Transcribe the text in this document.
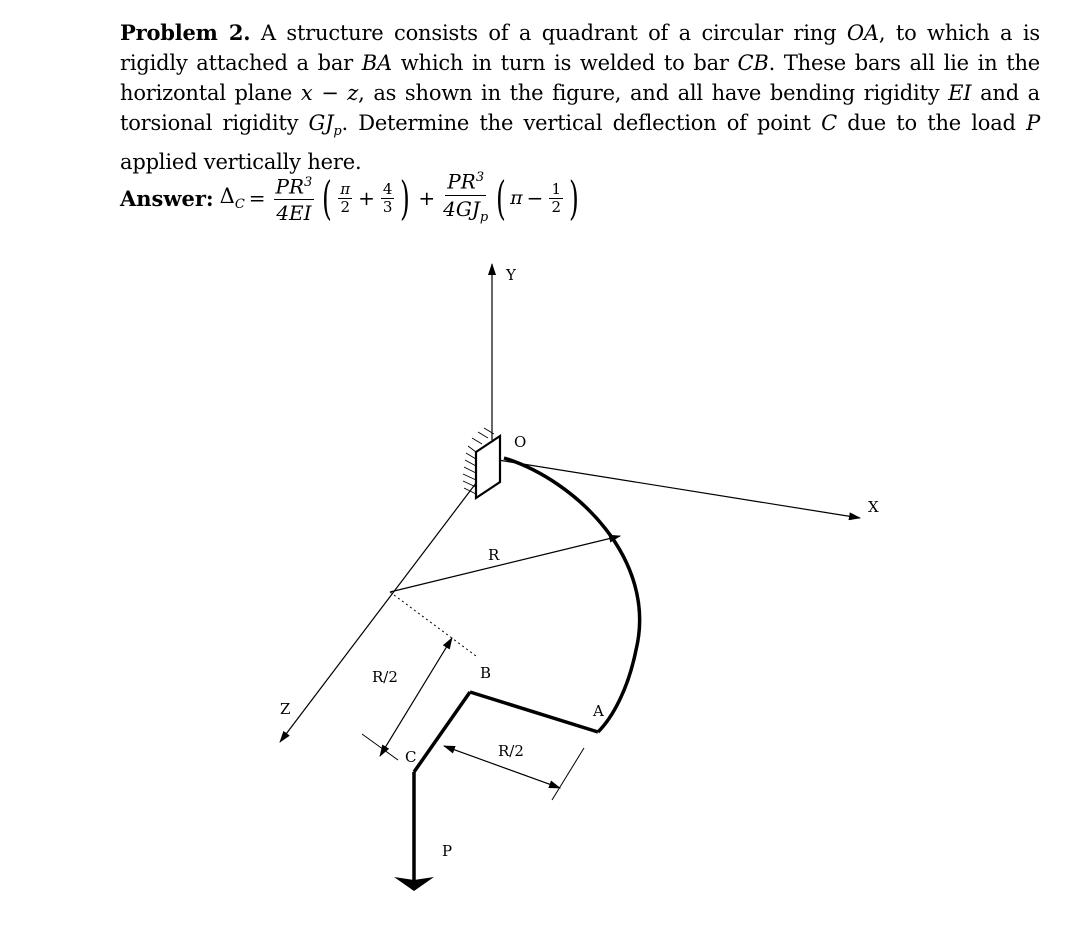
Problem 2. A structure consists of a quadrant of a circular ring OA, to which a is rigidly attached a bar BA which in turn is welded to bar CB. These bars all lie in the horizontal plane x − z, as shown in the figure, and all have bending rigidity EI and a torsional rigidity $GJ_p$. Determine the vertical deflection of point C due to the load P applied vertically here.
Answer: $\Delta_C = \frac{PR^3}{4EI}$ ( $\frac{\pi}{2} + \frac{4}{3}$ ) + $\frac{PR^3}{4GJ_p}$ ( $\pi - \frac{1}{2}$ )
Y
X
Z
O
A
B
C
R
R/2
R/2
P
